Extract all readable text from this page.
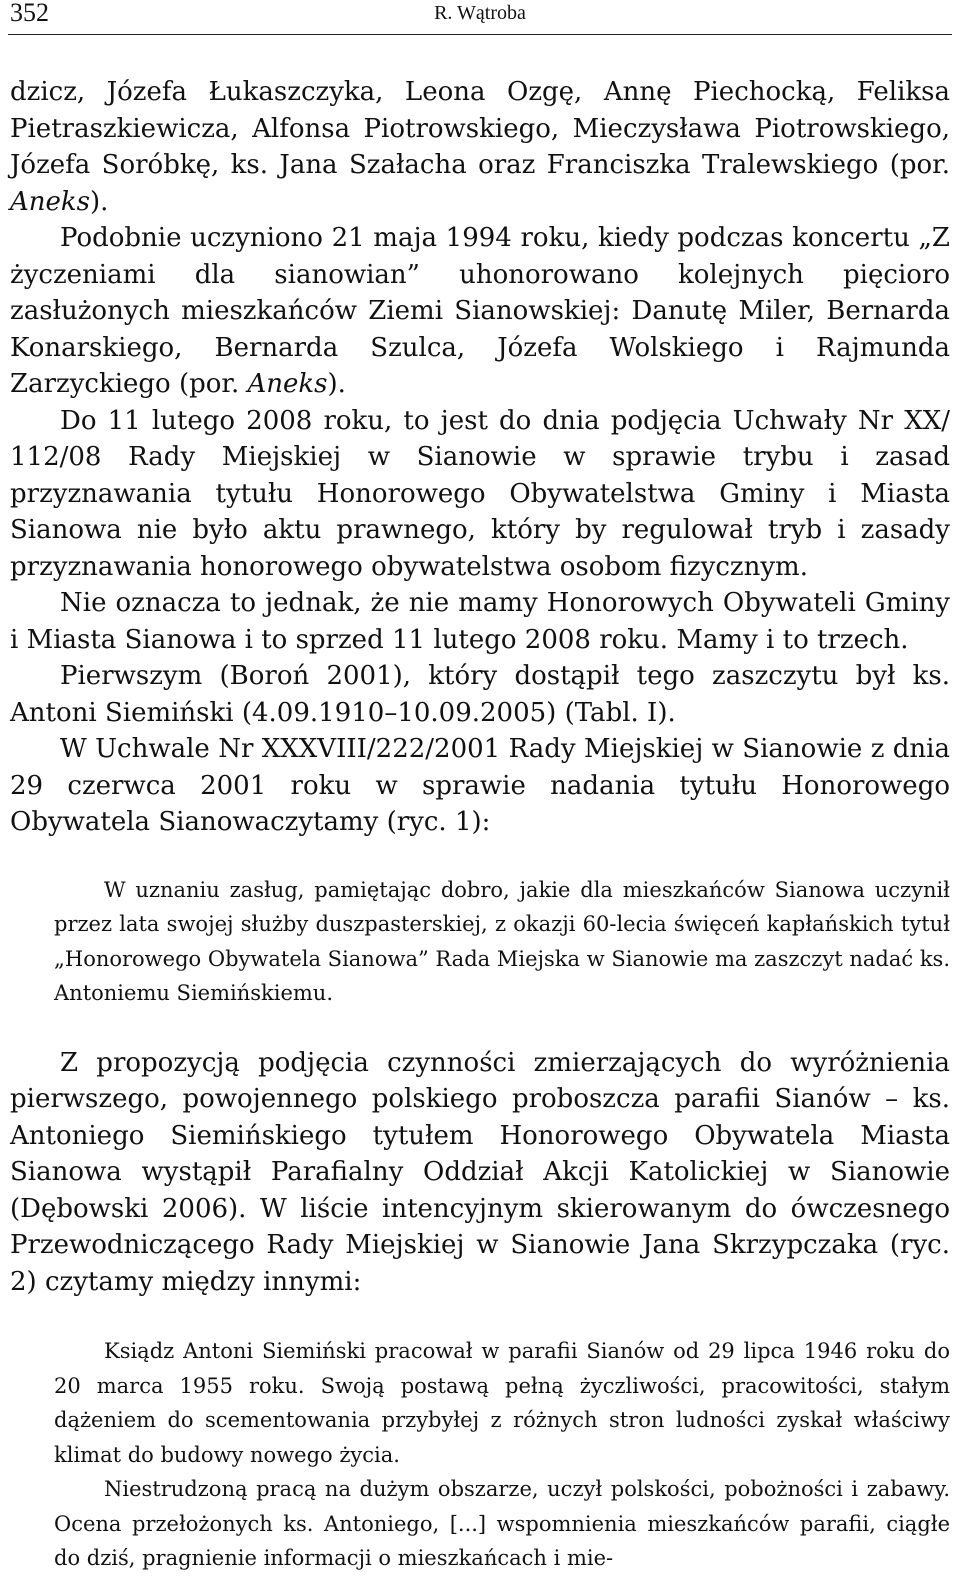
352	R. Wątroba

dzicz, Józefa Łukaszczyka, Leona Ozgę, Annę Piechocką, Feliksa Pietraszkiewicza, Alfonsa Piotrowskiego, Mieczysława Piotrowskiego, Józefa Soróbkę, ks. Jana Szałacha oraz Franciszka Tralewskiego (por. Aneks).

Podobnie uczyniono 21 maja 1994 roku, kiedy podczas koncertu „Z życzeniami dla sianowian” uhonorowano kolejnych pięcioro zasłużonych mieszkańców Ziemi Sianowskiej: Danutę Miler, Bernarda Konarskiego, Bernarda Szulca, Józefa Wolskiego i Rajmunda Zarzyckiego (por. Aneks).

Do 11 lutego 2008 roku, to jest do dnia podjęcia Uchwały Nr XX/ 112/08 Rady Miejskiej w Sianowie w sprawie trybu i zasad przyznawania tytułu Honorowego Obywatelstwa Gminy i Miasta Sianowa nie było aktu prawnego, który by regulował tryb i zasady przyznawania honorowego obywatelstwa osobom fizycznym.

Nie oznacza to jednak, że nie mamy Honorowych Obywateli Gminy i Miasta Sianowa i to sprzed 11 lutego 2008 roku. Mamy i to trzech.

Pierwszym (Boroń 2001), który dostąpił tego zaszczytu był ks. Antoni Siemiński (4.09.1910–10.09.2005) (Tabl. I).

W Uchwale Nr XXXVIII/222/2001 Rady Miejskiej w Sianowie z dnia 29 czerwca 2001 roku w sprawie nadania tytułu Honorowego Obywatela Sianowaczytamy (ryc. 1):

W uznaniu zasług, pamiętając dobro, jakie dla mieszkańców Sianowa uczynił przez lata swojej służby duszpasterskiej, z okazji 60-lecia święceń kapłańskich tytuł „Honorowego Obywatela Sianowa” Rada Miejska w Sianowie ma zaszczyt nadać ks. Antoniemu Siemińskiemu.

Z propozycją podjęcia czynności zmierzających do wyróżnienia pierwszego, powojennego polskiego proboszcza parafii Sianów – ks. Antoniego Siemińskiego tytułem Honorowego Obywatela Miasta Sianowa wystąpił Parafialny Oddział Akcji Katolickiej w Sianowie (Dębowski 2006). W liście intencyjnym skierowanym do ówczesnego Przewodniczącego Rady Miejskiej w Sianowie Jana Skrzypczaka (ryc. 2) czytamy między innymi:

Ksiądz Antoni Siemiński pracował w parafii Sianów od 29 lipca 1946 roku do 20 marca 1955 roku. Swoją postawą pełną życzliwości, pracowitości, stałym dążeniem do scementowania przybyłej z różnych stron ludności zyskał właściwy klimat do budowy nowego życia.

Niestrudzoną pracą na dużym obszarze, uczył polskości, pobożności i zabawy. Ocena przełożonych ks. Antoniego, [...] wspomnienia mieszkańców parafii, ciągłe do dziś, pragnienie informacji o mieszkańcach i mie-
